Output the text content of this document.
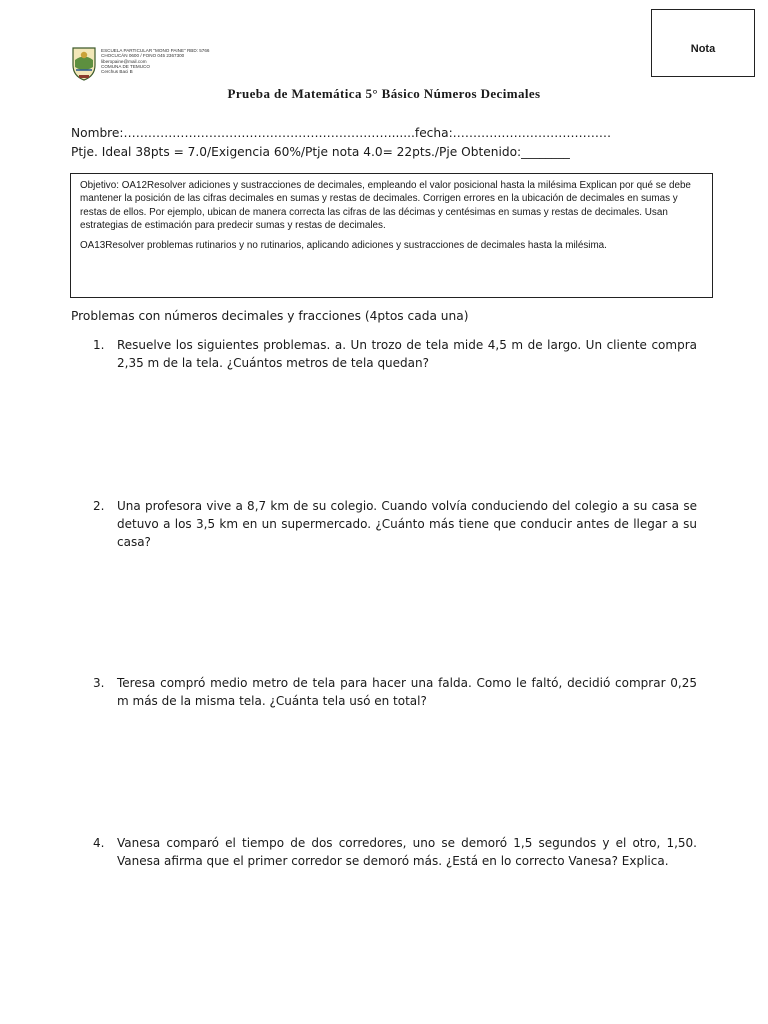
Nota
ESCUELA PARTICULAR "MONO PAINE" RBD: 5766
CHOCUCÁN 0600 / FONO 045 2367300
liberopaine@mail.com
COMUNA DE TEMUCO
Cerchus Baci B
Prueba de Matemática 5° Básico Números Decimales
Nombre:…………………………………………………………......fecha:…………………………………
Ptje. Ideal 38pts = 7.0/Exigencia 60%/Ptje nota 4.0= 22pts./Pje Obtenido:________

Objetivo: OA12Resolver adiciones y sustracciones de decimales, empleando el valor posicional hasta la milésima Explican por qué se debe mantener la posición de las cifras decimales en sumas y restas de decimales. Corrigen errores en la ubicación de decimales en sumas y restas de ellos. Por ejemplo, ubican de manera correcta las cifras de las décimas y centésimas en sumas y restas de decimales. Usan estrategias de estimación para predecir sumas y restas de decimales.

OA13Resolver problemas rutinarios y no rutinarios, aplicando adiciones y sustracciones de decimales hasta la milésima.

Problemas con números decimales y fracciones (4ptos cada una)
1. Resuelve los siguientes problemas. a. Un trozo de tela mide 4,5 m de largo. Un cliente compra 2,35 m de la tela. ¿Cuántos metros de tela quedan?
2. Una profesora vive a 8,7 km de su colegio. Cuando volvía conduciendo del colegio a su casa se detuvo a los 3,5 km en un supermercado. ¿Cuánto más tiene que conducir antes de llegar a su casa?
3. Teresa compró medio metro de tela para hacer una falda. Como le faltó, decidió comprar 0,25 m más de la misma tela. ¿Cuánta tela usó en total?
4. Vanesa comparó el tiempo de dos corredores, uno se demoró 1,5 segundos y el otro, 1,50. Vanesa afirma que el primer corredor se demoró más. ¿Está en lo correcto Vanesa? Explica.
